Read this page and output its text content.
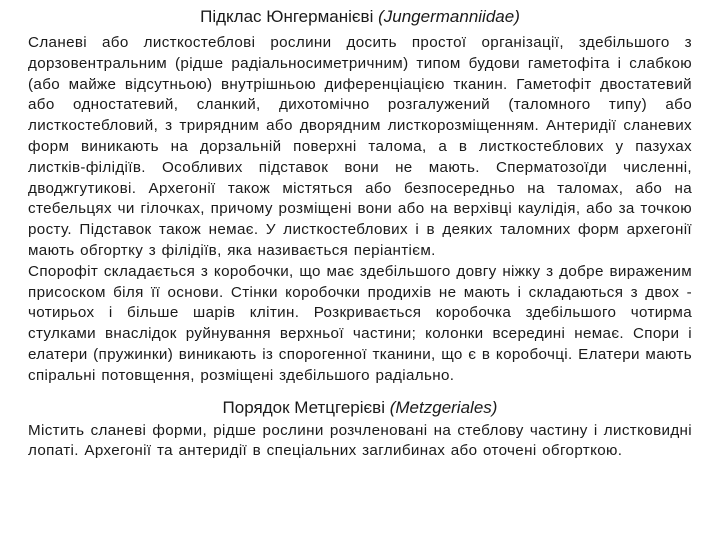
Підклас Юнгерманієві (Jungermanniidae)

Сланеві або листкостеблові рослини досить простої організації, здебільшого з дорзовентральним (рідше радіальносиметричним) типом будови гаметофіта і слабкою (або майже відсутньою) внутрішньою диференціацією тканин. Гаметофіт двостатевий або одностатевий, сланкий, дихотомічно розгалужений (таломного типу) або листкостебловий, з трирядним або дворядним листкорозміщенням. Антеридії сланевих форм виникають на дорзальній поверхні талома, а в листкостеблових у пазухах листків-філідіїв. Особливих підставок вони не мають. Сперматозоїди численні, дводжгутикові. Архегонії також містяться або безпосередньо на таломах, або на стебельцях чи гілочках, причому розміщені вони або на верхівці каулідія, або за точкою росту. Підставок також немає. У листкостеблових і в деяких таломних форм архегонії мають обгортку з філідіїв, яка називається періантієм.

Спорофіт складається з коробочки, що має здебільшого довгу ніжку з добре вираженим присоском біля її основи. Стінки коробочки продихів не мають і складаються з двох - чотирьох і більше шарів клітин. Розкривається коробочка здебільшого чотирма стулками внаслідок руйнування верхньої частини; колонки всередині немає. Спори і елатери (пружинки) виникають із спорогенної тканини, що є в коробочці. Елатери мають спіральні потовщення, розміщені здебільшого радіально.

Порядок Метцгерієві (Metzgeriales)

Містить сланеві форми, рідше рослини розчленовані на стеблову частину і листковидні лопаті. Архегонії та антеридії в спеціальних заглибинах або оточені обгорткою.
